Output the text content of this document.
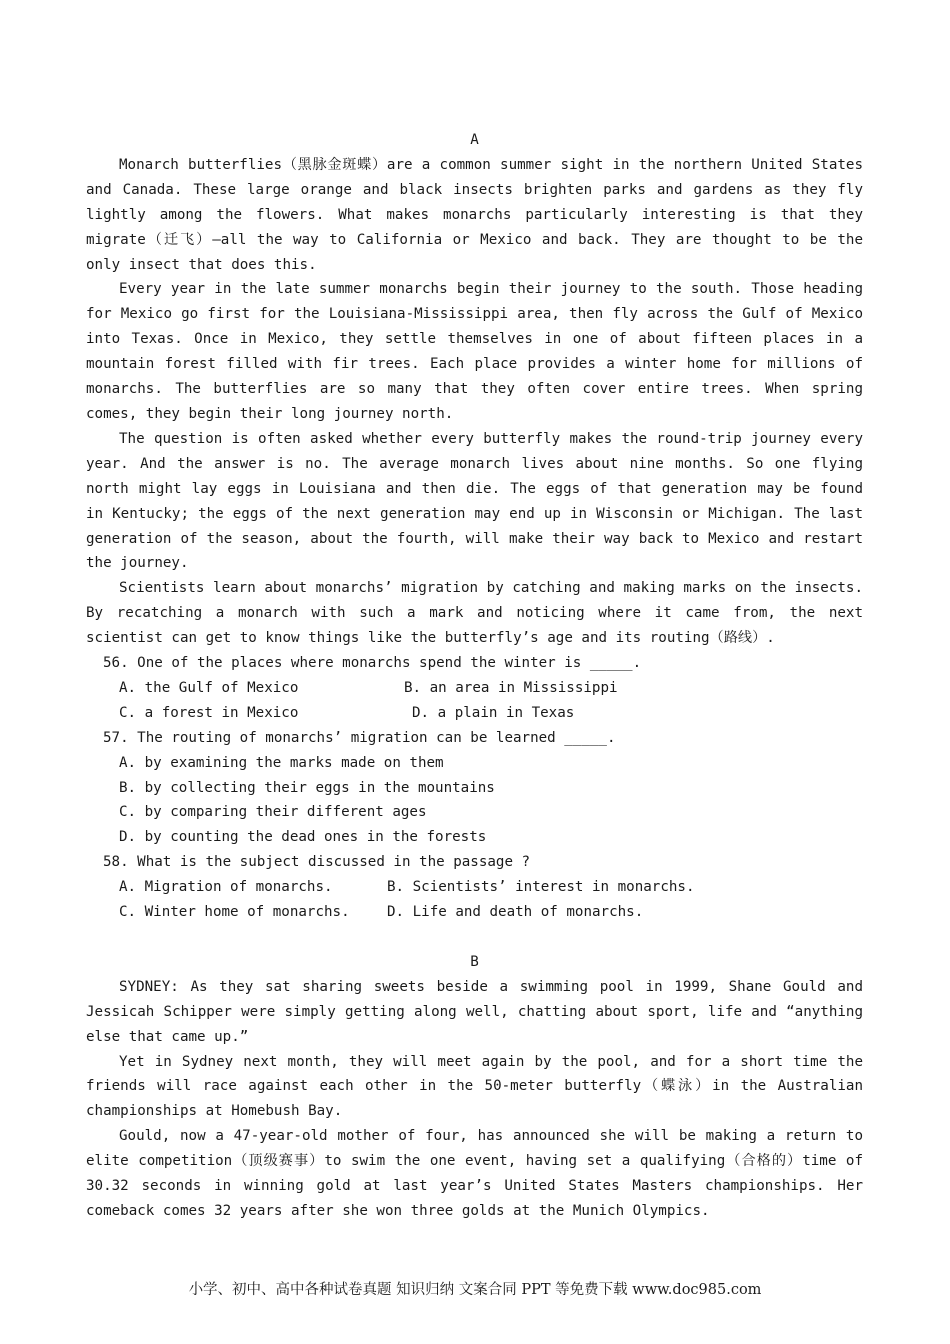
A

Monarch butterflies（黑脉金斑蝶）are a common summer sight in the northern United States and Canada. These large orange and black insects brighten parks and gardens as they fly lightly among the flowers. What makes monarchs particularly interesting is that they migrate（迁飞）—all the way to California or Mexico and back. They are thought to be the only insect that does this.

Every year in the late summer monarchs begin their journey to the south. Those heading for Mexico go first for the Louisiana-Mississippi area, then fly across the Gulf of Mexico into Texas. Once in Mexico, they settle themselves in one of about fifteen places in a mountain forest filled with fir trees. Each place provides a winter home for millions of monarchs. The butterflies are so many that they often cover entire trees. When spring comes, they begin their long journey north.

The question is often asked whether every butterfly makes the round-trip journey every year. And the answer is no. The average monarch lives about nine months. So one flying north might lay eggs in Louisiana and then die. The eggs of that generation may be found in Kentucky; the eggs of the next generation may end up in Wisconsin or Michigan. The last generation of the season, about the fourth, will make their way back to Mexico and restart the journey.

Scientists learn about monarchs’ migration by catching and making marks on the insects. By recatching a monarch with such a mark and noticing where it came from, the next scientist can get to know things like the butterfly’s age and its routing（路线）.

56. One of the places where monarchs spend the winter is _____.
A. the Gulf of Mexico	B. an area in Mississippi
C. a forest in Mexico	D. a plain in Texas
57. The routing of monarchs’ migration can be learned _____.
A. by examining the marks made on them
B. by collecting their eggs in the mountains
C. by comparing their different ages
D. by counting the dead ones in the forests
58. What is the subject discussed in the passage ?
A. Migration of monarchs.	B. Scientists’ interest in monarchs.
C. Winter home of monarchs.	D. Life and death of monarchs.
B

SYDNEY: As they sat sharing sweets beside a swimming pool in 1999, Shane Gould and Jessicah Schipper were simply getting along well, chatting about sport, life and “anything else that came up.”

Yet in Sydney next month, they will meet again by the pool, and for a short time the friends will race against each other in the 50-meter butterfly（蝶泳）in the Australian championships at Homebush Bay.

Gould, now a 47-year-old mother of four, has announced she will be making a return to elite competition（顶级赛事）to swim the one event, having set a qualifying（合格的）time of 30.32 seconds in winning gold at last year’s United States Masters championships. Her comeback comes 32 years after she won three golds at the Munich Olympics.

小学、初中、高中各种试卷真题 知识归纳 文案合同 PPT 等免费下载 www.doc985.com
